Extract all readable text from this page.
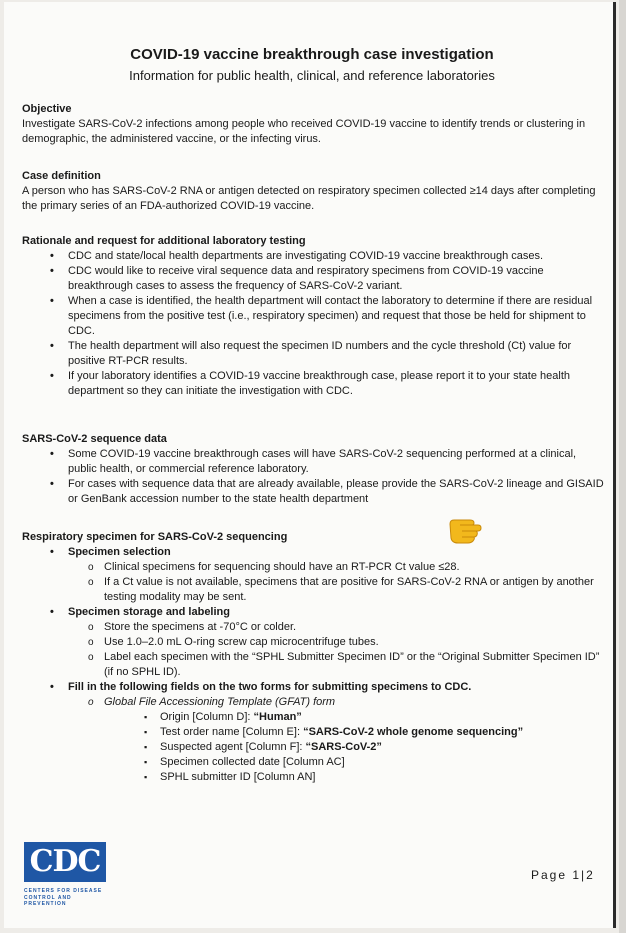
COVID-19 vaccine breakthrough case investigation
Information for public health, clinical, and reference laboratories
Objective
Investigate SARS-CoV-2 infections among people who received COVID-19 vaccine to identify trends or clustering in demographic, the administered vaccine, or the infecting virus.
Case definition
A person who has SARS-CoV-2 RNA or antigen detected on respiratory specimen collected ≥14 days after completing the primary series of an FDA-authorized COVID-19 vaccine.
Rationale and request for additional laboratory testing
• CDC and state/local health departments are investigating COVID-19 vaccine breakthrough cases.
• CDC would like to receive viral sequence data and respiratory specimens from COVID-19 vaccine breakthrough cases to assess the frequency of SARS-CoV-2 variant.
• When a case is identified, the health department will contact the laboratory to determine if there are residual specimens from the positive test (i.e., respiratory specimen) and request that those be held for shipment to CDC.
• The health department will also request the specimen ID numbers and the cycle threshold (Ct) value for positive RT-PCR results.
• If your laboratory identifies a COVID-19 vaccine breakthrough case, please report it to your state health department so they can initiate the investigation with CDC.
SARS-CoV-2 sequence data
• Some COVID-19 vaccine breakthrough cases will have SARS-CoV-2 sequencing performed at a clinical, public health, or commercial reference laboratory.
• For cases with sequence data that are already available, please provide the SARS-CoV-2 lineage and GISAID or GenBank accession number to the state health department
Respiratory specimen for SARS-CoV-2 sequencing
• Specimen selection
o Clinical specimens for sequencing should have an RT-PCR Ct value ≤28.
o If a Ct value is not available, specimens that are positive for SARS-CoV-2 RNA or antigen by another testing modality may be sent.
• Specimen storage and labeling
o Store the specimens at -70°C or colder.
o Use 1.0–2.0 mL O-ring screw cap microcentrifuge tubes.
o Label each specimen with the “SPHL Submitter Specimen ID” or the “Original Submitter Specimen ID” (if no SPHL ID).
• Fill in the following fields on the two forms for submitting specimens to CDC.
o Global File Accessioning Template (GFAT) form
▪ Origin [Column D]: “Human”
▪ Test order name [Column E]: “SARS-CoV-2 whole genome sequencing”
▪ Suspected agent [Column F]: “SARS-CoV-2”
▪ Specimen collected date [Column AC]
▪ SPHL submitter ID [Column AN]
CDC
CENTERS FOR DISEASE
CONTROL AND PREVENTION
Page 1|2
